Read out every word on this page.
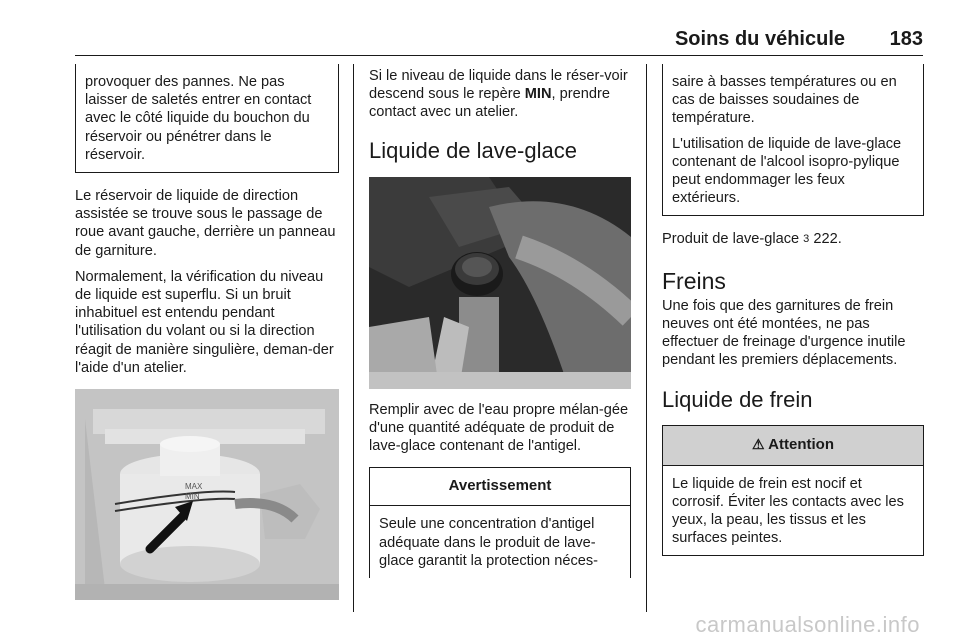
Soins du véhicule 183

provoquer des pannes. Ne pas laisser de saletés entrer en contact avec le côté liquide du bouchon du réservoir ou pénétrer dans le réservoir.

Le réservoir de liquide de direction assistée se trouve sous le passage de roue avant gauche, derrière un panneau de garniture.

Normalement, la vérification du niveau de liquide est superflu. Si un bruit inhabituel est entendu pendant l'utilisation du volant ou si la direction réagit de manière singulière, deman-der l'aide d'un atelier.

MAX
MIN

Si le niveau de liquide dans le réser-voir descend sous le repère MIN, prendre contact avec un atelier.

Liquide de lave-glace

Remplir avec de l'eau propre mélan-gée d'une quantité adéquate de produit de lave-glace contenant de l'antigel.

Avertissement

Seule une concentration d'antigel adéquate dans le produit de lave-glace garantit la protection néces-

saire à basses températures ou en cas de baisses soudaines de température.

L'utilisation de liquide de lave-glace contenant de l'alcool isopro-pylique peut endommager les feux extérieurs.

Produit de lave-glace 3 222.

Freins

Une fois que des garnitures de frein neuves ont été montées, ne pas effectuer de freinage d'urgence inutile pendant les premiers déplacements.

Liquide de frein
⚠ Attention

Le liquide de frein est nocif et corrosif. Éviter les contacts avec les yeux, la peau, les tissus et les surfaces peintes.

carmanualsonline.info
